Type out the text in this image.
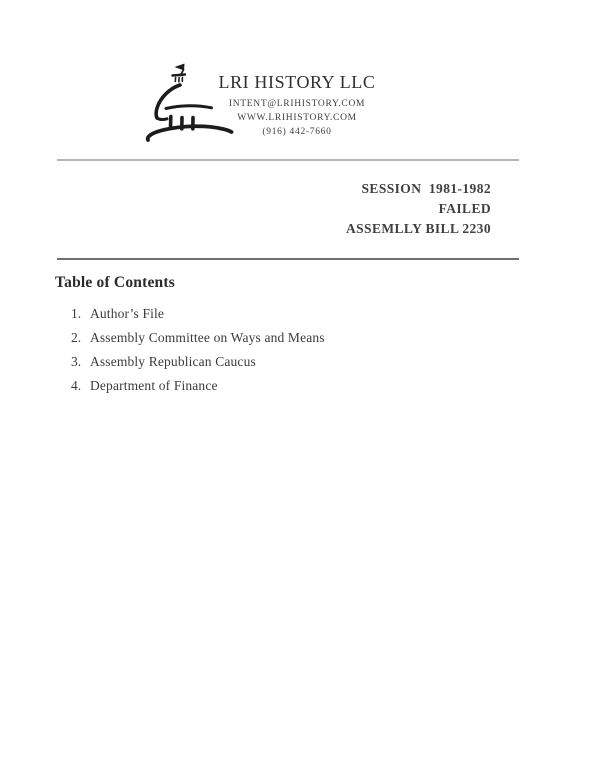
LRI HISTORY LLC
INTENT@LRIHISTORY.COM
WWW.LRIHISTORY.COM
(916) 442-7660
SESSION  1981-1982
FAILED
ASSEMLLY BILL 2230
Table of Contents
1. Author’s File
2. Assembly Committee on Ways and Means
3. Assembly Republican Caucus
4. Department of Finance
